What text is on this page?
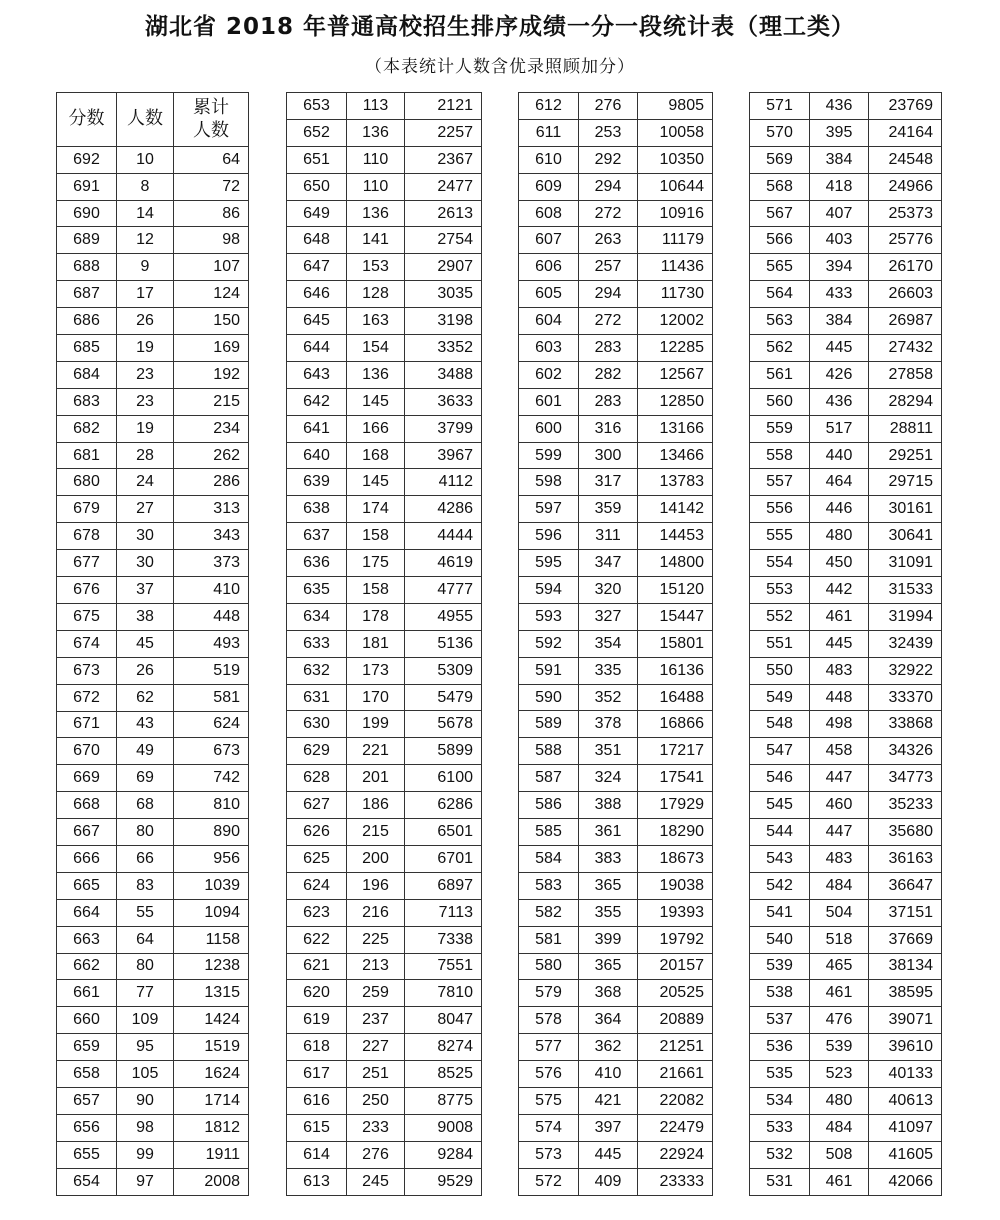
湖北省 2018 年普通高校招生排序成绩一分一段统计表（理工类）
（本表统计人数含优录照顾加分）
分数	人数	累计
人数
692	10	64
691	8	72
690	14	86
689	12	98
688	9	107
687	17	124
686	26	150
685	19	169
684	23	192
683	23	215
682	19	234
681	28	262
680	24	286
679	27	313
678	30	343
677	30	373
676	37	410
675	38	448
674	45	493
673	26	519
672	62	581
671	43	624
670	49	673
669	69	742
668	68	810
667	80	890
666	66	956
665	83	1039
664	55	1094
663	64	1158
662	80	1238
661	77	1315
660	109	1424
659	95	1519
658	105	1624
657	90	1714
656	98	1812
655	99	1911
654	97	2008
653	113	2121
652	136	2257
651	110	2367
650	110	2477
649	136	2613
648	141	2754
647	153	2907
646	128	3035
645	163	3198
644	154	3352
643	136	3488
642	145	3633
641	166	3799
640	168	3967
639	145	4112
638	174	4286
637	158	4444
636	175	4619
635	158	4777
634	178	4955
633	181	5136
632	173	5309
631	170	5479
630	199	5678
629	221	5899
628	201	6100
627	186	6286
626	215	6501
625	200	6701
624	196	6897
623	216	7113
622	225	7338
621	213	7551
620	259	7810
619	237	8047
618	227	8274
617	251	8525
616	250	8775
615	233	9008
614	276	9284
613	245	9529
612	276	9805
611	253	10058
610	292	10350
609	294	10644
608	272	10916
607	263	11179
606	257	11436
605	294	11730
604	272	12002
603	283	12285
602	282	12567
601	283	12850
600	316	13166
599	300	13466
598	317	13783
597	359	14142
596	311	14453
595	347	14800
594	320	15120
593	327	15447
592	354	15801
591	335	16136
590	352	16488
589	378	16866
588	351	17217
587	324	17541
586	388	17929
585	361	18290
584	383	18673
583	365	19038
582	355	19393
581	399	19792
580	365	20157
579	368	20525
578	364	20889
577	362	21251
576	410	21661
575	421	22082
574	397	22479
573	445	22924
572	409	23333
571	436	23769
570	395	24164
569	384	24548
568	418	24966
567	407	25373
566	403	25776
565	394	26170
564	433	26603
563	384	26987
562	445	27432
561	426	27858
560	436	28294
559	517	28811
558	440	29251
557	464	29715
556	446	30161
555	480	30641
554	450	31091
553	442	31533
552	461	31994
551	445	32439
550	483	32922
549	448	33370
548	498	33868
547	458	34326
546	447	34773
545	460	35233
544	447	35680
543	483	36163
542	484	36647
541	504	37151
540	518	37669
539	465	38134
538	461	38595
537	476	39071
536	539	39610
535	523	40133
534	480	40613
533	484	41097
532	508	41605
531	461	42066
